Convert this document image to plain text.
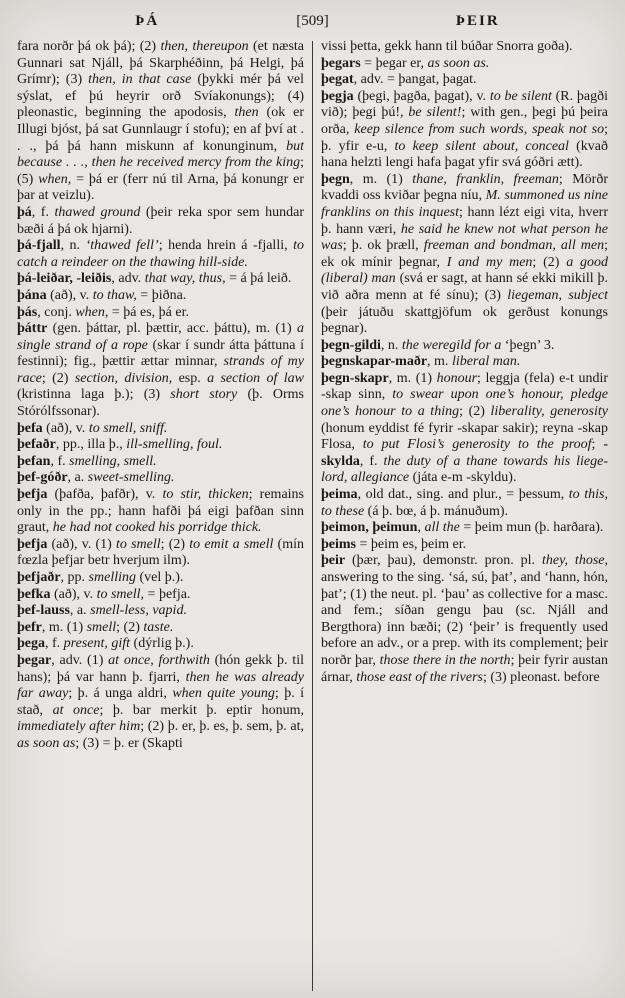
ÞÁ	[509]	ÞEIR

fara norðr þá ok þá); (2) then, thereupon (et næsta Gunnari sat Njáll, þá Skarphéðinn, þá Helgi, þá Grímr); (3) then, in that case (þykki mér þá vel sýslat, ef þú heyrir orð Svíakonungs); (4) pleonastic, beginning the apodosis, then (ok er Illugi bjóst, þá sat Gunnlaugr í stofu); en af því at . . ., þá þá hann miskunn af konunginum, but because . . ., then he received mercy from the king; (5) when, = þá er (ferr nú til Arna, þá konungr er þar at veizlu).

þá, f. thawed ground (þeir reka spor sem hundar bæði á þá ok hjarni).

þá-fjall, n. ‘thawed fell’; henda hrein á -fjalli, to catch a reindeer on the thawing hill-side.

þá-leiðar, -leiðis, adv. that way, thus, = á þá leið.

þána (að), v. to thaw, = þiðna.

þás, conj. when, = þá es, þá er.

þáttr (gen. þáttar, pl. þættir, acc. þáttu), m. (1) a single strand of a rope (skar í sundr átta þáttuna í festinni); fig., þættir ættar minnar, strands of my race; (2) section, division, esp. a section of law (kristinna laga þ.); (3) short story (þ. Orms Stórólfssonar).

þefa (að), v. to smell, sniff.

þefaðr, pp., illa þ., ill-smelling, foul.

þefan, f. smelling, smell.

þef-góðr, a. sweet-smelling.

þefja (þafða, þafðr), v. to stir, thicken; remains only in the pp.; hann hafði þá eigi þafðan sinn graut, he had not cooked his porridge thick.

þefja (að), v. (1) to smell; (2) to emit a smell (mín fœzla þefjar betr hverjum ilm).

þefjaðr, pp. smelling (vel þ.).

þefka (að), v. to smell, = þefja.

þef-lauss, a. smell-less, vapid.

þefr, m. (1) smell; (2) taste.

þega, f. present, gift (dýrlig þ.).

þegar, adv. (1) at once, forthwith (hón gekk þ. til hans); þá var hann þ. fjarri, then he was already far away; þ. á unga aldri, when quite young; þ. í stað, at once; þ. bar merkit þ. eptir honum, immediately after him; (2) þ. er, þ. es, þ. sem, þ. at, as soon as; (3) = þ. er (Skapti

vissi þetta, gekk hann til búðar Snorra goða).

þegars = þegar er, as soon as.

þegat, adv. = þangat, þagat.

þegja (þegi, þagða, þagat), v. to be silent (R. þagði við); þegi þú!, be silent!; with gen., þegi þú þeira orða, keep silence from such words, speak not so; þ. yfir e-u, to keep silent about, conceal (kvað hana helzti lengi hafa þagat yfir svá góðri ætt).

þegn, m. (1) thane, franklin, freeman; Mörðr kvaddi oss kviðar þegna níu, M. summoned us nine franklins on this inquest; hann lézt eigi vita, hverr þ. hann væri, he said he knew not what person he was; þ. ok þræll, freeman and bondman, all men; ek ok mínir þegnar, I and my men; (2) a good (liberal) man (svá er sagt, at hann sé ekki mikill þ. við aðra menn at fé sínu); (3) liegeman, subject (þeir játuðu skattgjöfum ok gerðust konungs þegnar).

þegn-gildi, n. the weregild for a ‘þegn’ 3.

þegnskapar-maðr, m. liberal man.

þegn-skapr, m. (1) honour; leggja (fela) e-t undir -skap sinn, to swear upon one’s honour, pledge one’s honour to a thing; (2) liberality, generosity (honum eyddist fé fyrir -skapar sakir); reyna -skap Flosa, to put Flosi’s generosity to the proof; -skylda, f. the duty of a thane towards his liege-lord, allegiance (játa e-m -skyldu).

þeima, old dat., sing. and plur., = þessum, to this, to these (á þ. bœ, á þ. mánuðum).

þeimon, þeimun, all the = þeim mun (þ. harðara).

þeims = þeim es, þeim er.

þeir (þær, þau), demonstr. pron. pl. they, those, answering to the sing. ‘sá, sú, þat’, and ‘hann, hón, þat’; (1) the neut. pl. ‘þau’ as collective for a masc. and fem.; síðan gengu þau (sc. Njáll and Bergthora) inn bæði; (2) ‘þeir’ is frequently used before an adv., or a prep. with its complement; þeir norðr þar, those there in the north; þeir fyrir austan árnar, those east of the rivers; (3) pleonast. before
